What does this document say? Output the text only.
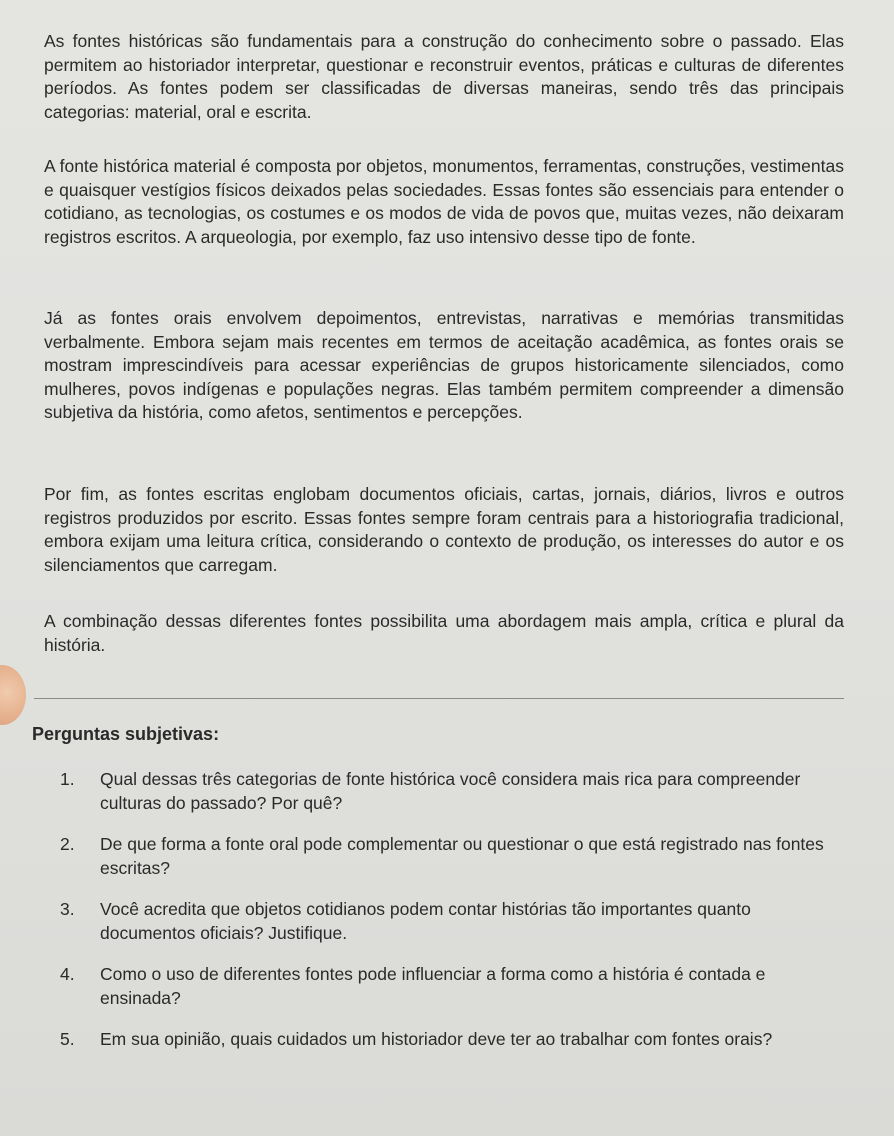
As fontes históricas são fundamentais para a construção do conhecimento sobre o passado. Elas permitem ao historiador interpretar, questionar e reconstruir eventos, práticas e culturas de diferentes períodos. As fontes podem ser classificadas de diversas maneiras, sendo três das principais categorias: material, oral e escrita.

A fonte histórica material é composta por objetos, monumentos, ferramentas, construções, vestimentas e quaisquer vestígios físicos deixados pelas sociedades. Essas fontes são essenciais para entender o cotidiano, as tecnologias, os costumes e os modos de vida de povos que, muitas vezes, não deixaram registros escritos. A arqueologia, por exemplo, faz uso intensivo desse tipo de fonte.

Já as fontes orais envolvem depoimentos, entrevistas, narrativas e memórias transmitidas verbalmente. Embora sejam mais recentes em termos de aceitação acadêmica, as fontes orais se mostram imprescindíveis para acessar experiências de grupos historicamente silenciados, como mulheres, povos indígenas e populações negras. Elas também permitem compreender a dimensão subjetiva da história, como afetos, sentimentos e percepções.

Por fim, as fontes escritas englobam documentos oficiais, cartas, jornais, diários, livros e outros registros produzidos por escrito. Essas fontes sempre foram centrais para a historiografia tradicional, embora exijam uma leitura crítica, considerando o contexto de produção, os interesses do autor e os silenciamentos que carregam.

A combinação dessas diferentes fontes possibilita uma abordagem mais ampla, crítica e plural da história.

Perguntas subjetivas:
1.	Qual dessas três categorias de fonte histórica você considera mais rica para compreender culturas do passado? Por quê?
2.	De que forma a fonte oral pode complementar ou questionar o que está registrado nas fontes escritas?
3.	Você acredita que objetos cotidianos podem contar histórias tão importantes quanto documentos oficiais? Justifique.
4.	Como o uso de diferentes fontes pode influenciar a forma como a história é contada e ensinada?
5.	Em sua opinião, quais cuidados um historiador deve ter ao trabalhar com fontes orais?
